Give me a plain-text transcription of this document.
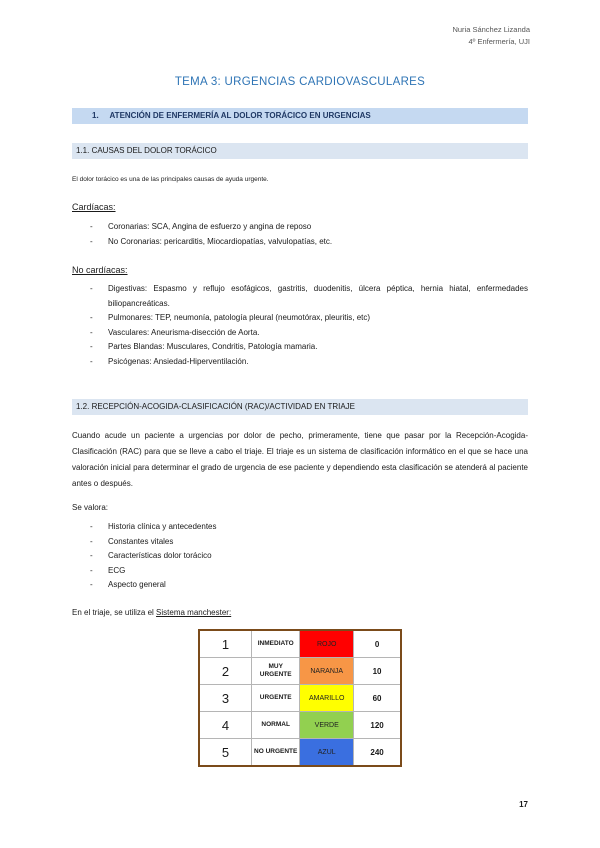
Nuria Sánchez Lizanda
4º Enfermería, UJI
TEMA 3: URGENCIAS CARDIOVASCULARES
1. ATENCIÓN DE ENFERMERÍA AL DOLOR TORÁCICO EN URGENCIAS
1.1. CAUSAS DEL DOLOR TORÁCICO
El dolor torácico es una de las principales causas de ayuda urgente.
Cardíacas:
- Coronarias: SCA, Angina de esfuerzo y angina de reposo
- No Coronarias: pericarditis, Miocardiopatías, valvulopatías, etc.
No cardíacas:
- Digestivas: Espasmo y reflujo esofágicos, gastritis, duodenitis, úlcera péptica, hernia hiatal, enfermedades biliopancreáticas.
- Pulmonares: TEP, neumonía, patología pleural (neumotórax, pleuritis, etc)
- Vasculares: Aneurisma-disección de Aorta.
- Partes Blandas: Musculares, Condritis, Patología mamaria.
- Psicógenas: Ansiedad-Hiperventilación.
1.2. RECEPCIÓN-ACOGIDA-CLASIFICACIÓN (RAC)/ACTIVIDAD EN TRIAJE
Cuando acude un paciente a urgencias por dolor de pecho, primeramente, tiene que pasar por la Recepción-Acogida-Clasificación (RAC) para que se lleve a cabo el triaje. El triaje es un sistema de clasificación informático en el que se hace una valoración inicial para determinar el grado de urgencia de ese paciente y dependiendo esta clasificación se atenderá al paciente antes o después.
Se valora:
- Historia clínica y antecedentes
- Constantes vitales
- Características dolor torácico
- ECG
- Aspecto general
En el triaje, se utiliza el Sistema manchester:
1	INMEDIATO	ROJO	0
2	MUY URGENTE	NARANJA	10
3	URGENTE	AMARILLO	60
4	NORMAL	VERDE	120
5	NO URGENTE	AZUL	240
17
